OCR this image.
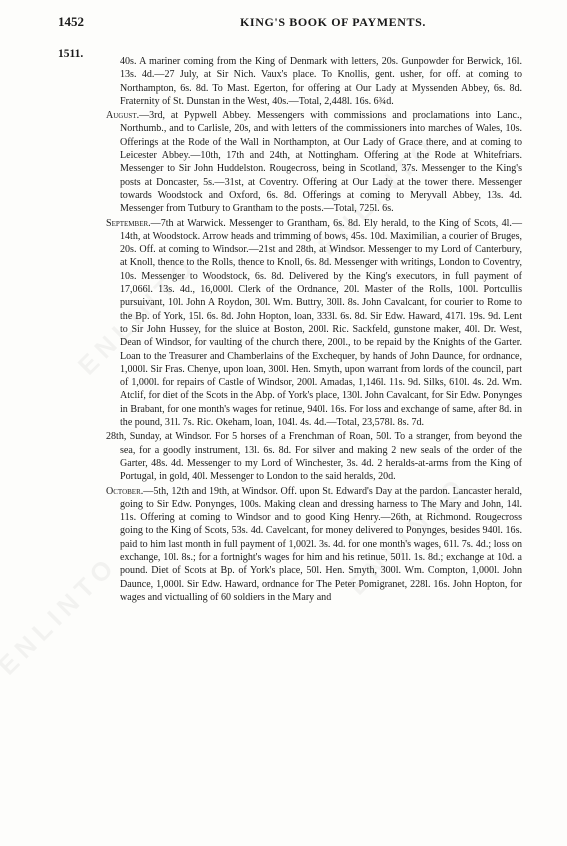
1452	KING'S BOOK OF PAYMENTS.
1511.

40s. A mariner coming from the King of Denmark with letters, 20s. Gunpowder for Berwick, 16l. 13s. 4d.—27 July, at Sir Nich. Vaux's place. To Knollis, gent. usher, for off. at coming to Northampton, 6s. 8d. To Mast. Egerton, for offering at Our Lady at Myssenden Abbey, 6s. 8d. Fraternity of St. Dunstan in the West, 40s.—Total, 2,448l. 16s. 6¾d.

August.—3rd, at Pypwell Abbey. Messengers with commissions and proclamations into Lanc., Northumb., and to Carlisle, 20s, and with letters of the commissioners into marches of Wales, 10s. Offerings at the Rode of the Wall in Northampton, at Our Lady of Grace there, and at coming to Leicester Abbey.—10th, 17th and 24th, at Nottingham. Offering at the Rode at Whitefriars. Messenger to Sir John Huddelston. Rougecross, being in Scotland, 37s. Messenger to the King's posts at Doncaster, 5s.—31st, at Coventry. Offering at Our Lady at the tower there. Messenger towards Woodstock and Oxford, 6s. 8d. Offerings at coming to Meryvall Abbey, 13s. 4d. Messenger from Tutbury to Grantham to the posts.—Total, 725l. 6s.

September.—7th at Warwick. Messenger to Grantham, 6s. 8d. Ely herald, to the King of Scots, 4l.—14th, at Woodstock. Arrow heads and trimming of bows, 45s. 10d. Maximilian, a courier of Bruges, 20s. Off. at coming to Windsor.—21st and 28th, at Windsor. Messenger to my Lord of Canterbury, at Knoll, thence to the Rolls, thence to Knoll, 6s. 8d. Messenger with writings, London to Coventry, 10s. Messenger to Woodstock, 6s. 8d. Delivered by the King's executors, in full payment of 17,066l. 13s. 4d., 16,000l. Clerk of the Ordnance, 20l. Master of the Rolls, 100l. Portcullis pursuivant, 10l. John A Roydon, 30l. Wm. Buttry, 30ll. 8s. John Cavalcant, for courier to Rome to the Bp. of York, 15l. 6s. 8d. John Hopton, loan, 333l. 6s. 8d. Sir Edw. Haward, 417l. 19s. 9d. Lent to Sir John Hussey, for the sluice at Boston, 200l. Ric. Sackfeld, gunstone maker, 40l. Dr. West, Dean of Windsor, for vaulting of the church there, 200l., to be repaid by the Knights of the Garter. Loan to the Treasurer and Chamberlains of the Exchequer, by hands of John Daunce, for ordnance, 1,000l. Sir Fras. Chenye, upon loan, 300l. Hen. Smyth, upon warrant from lords of the council, part of 1,000l. for repairs of Castle of Windsor, 200l. Amadas, 1,146l. 11s. 9d. Silks, 610l. 4s. 2d. Wm. Atclif, for diet of the Scots in the Abp. of York's place, 130l. John Cavalcant, for Sir Edw. Ponynges in Brabant, for one month's wages for retinue, 940l. 16s. For loss and exchange of same, after 8d. in the pound, 31l. 7s. Ric. Okeham, loan, 104l. 4s. 4d.—Total, 23,578l. 8s. 7d.

28th, Sunday, at Windsor. For 5 horses of a Frenchman of Roan, 50l. To a stranger, from beyond the sea, for a goodly instrument, 13l. 6s. 8d. For silver and making 2 new seals of the order of the Garter, 48s. 4d. Messenger to my Lord of Winchester, 3s. 4d. 2 heralds-at-arms from the King of Portugal, in gold, 40l. Messenger to London to the said heralds, 20d.

October.—5th, 12th and 19th, at Windsor. Off. upon St. Edward's Day at the pardon. Lancaster herald, going to Sir Edw. Ponynges, 100s. Making clean and dressing harness to The Mary and John, 14l. 11s. Offering at coming to Windsor and to good King Henry.—26th, at Richmond. Rougecross going to the King of Scots, 53s. 4d. Cavelcant, for money delivered to Ponynges, besides 940l. 16s. paid to him last month in full payment of 1,002l. 3s. 4d. for one month's wages, 61l. 7s. 4d.; loss on exchange, 10l. 8s.; for a fortnight's wages for him and his retinue, 501l. 1s. 8d.; exchange at 10d. a pound. Diet of Scots at Bp. of York's place, 50l. Hen. Smyth, 300l. Wm. Compton, 1,000l. John Daunce, 1,000l. Sir Edw. Haward, ordnance for The Peter Pomigranet, 228l. 16s. John Hopton, for wages and victualling of 60 soldiers in the Mary and
